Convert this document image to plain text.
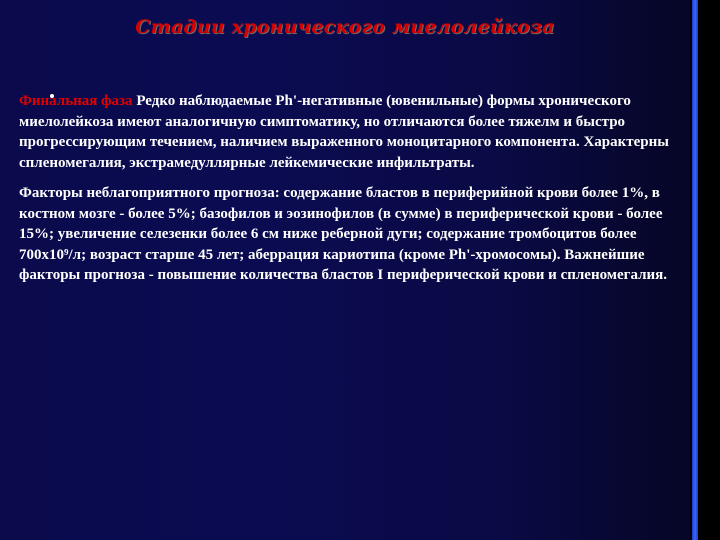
Стадии хронического миелолейкоза

Финальная фаза Редко наблюдаемые Ph'-негативные (ювенильные) формы хронического миелолейкоза имеют аналогичную симптоматику, но отличаются более тяжелм и быстро прогрессирующим течением, наличием выраженного моноцитарного компонента. Характерны спленомегалия, экстрамедуллярные лейкемические инфильтраты.

Факторы неблагоприятного прогноза: содержание бластов в периферийной крови более 1%, в костном мозге - более 5%; базофилов и эозинофилов (в сумме) в периферической крови - более 15%; увеличение селезенки более 6 см ниже реберной дуги; содержание тромбоцитов более 700х10⁹/л; возраст старше 45 лет; аберрация кариотипа (кроме Ph'-хромосомы). Важнейшие факторы прогноза - повышение количества бластов I периферической крови и спленомегалия.
